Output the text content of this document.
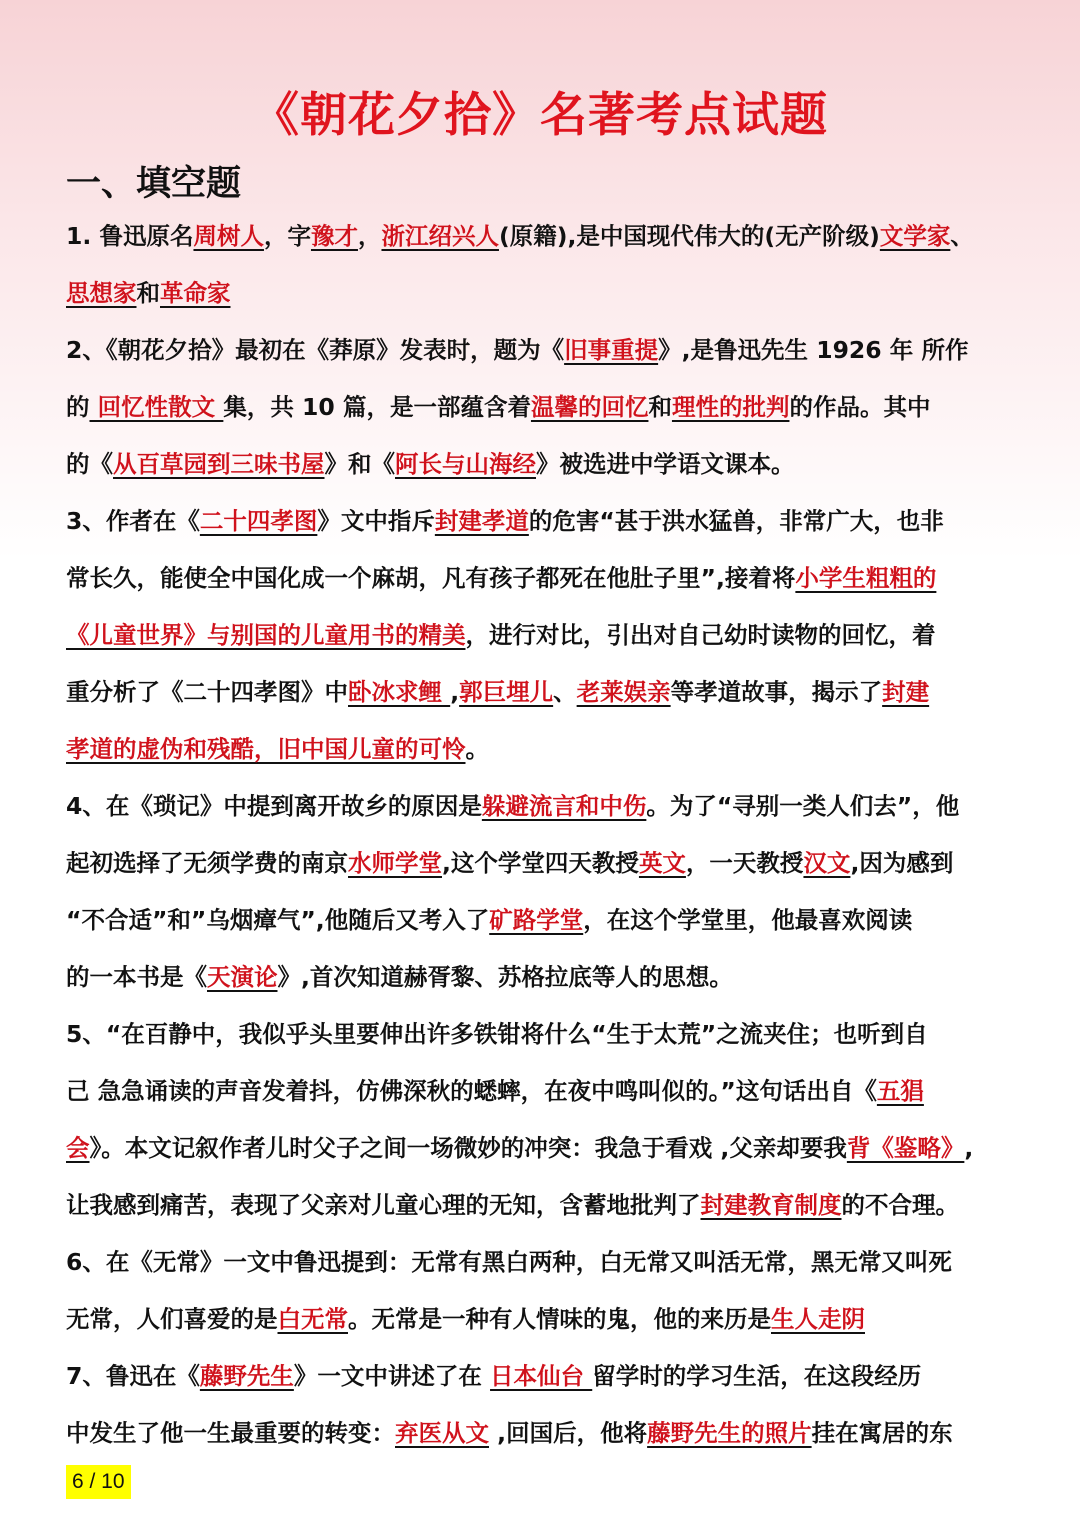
《朝花夕拾》名著考点试题
一、填空题
1. 鲁迅原名周树人，字豫才，浙江绍兴人(原籍),是中国现代伟大的(无产阶级)文学家、
思想家和革命家
2、《朝花夕拾》最初在《莽原》发表时，题为《旧事重提》,是鲁迅先生 1926 年 所作
的 回忆性散文 集，共 10 篇，是一部蕴含着温馨的回忆和理性的批判的作品。其中
的《从百草园到三味书屋》和《阿长与山海经》被选进中学语文课本。
3、作者在《二十四孝图》文中指斥封建孝道的危害“甚于洪水猛兽，非常广大，也非
常长久，能使全中国化成一个麻胡，凡有孩子都死在他肚子里”,接着将小学生粗粗的
《儿童世界》与别国的儿童用书的精美，进行对比，引出对自己幼时读物的回忆，着
重分析了《二十四孝图》中卧冰求鲤 ,郭巨埋儿、老莱娱亲等孝道故事，揭示了封建
孝道的虚伪和残酷，旧中国儿童的可怜。
4、在《琐记》中提到离开故乡的原因是躲避流言和中伤。为了“寻别一类人们去”，他
起初选择了无须学费的南京水师学堂,这个学堂四天教授英文，一天教授汉文,因为感到
“不合适”和”乌烟瘴气”,他随后又考入了矿路学堂，在这个学堂里，他最喜欢阅读
的一本书是《天演论》,首次知道赫胥黎、苏格拉底等人的思想。
5、“在百静中，我似乎头里要伸出许多铁钳将什么“生于太荒”之流夹住；也听到自
己 急急诵读的声音发着抖，仿佛深秋的蟋蟀，在夜中鸣叫似的。”这句话出自《五猖
会》。本文记叙作者儿时父子之间一场微妙的冲突：我急于看戏 ,父亲却要我背《鉴略》,
让我感到痛苦，表现了父亲对儿童心理的无知，含蓄地批判了封建教育制度的不合理。
6、在《无常》一文中鲁迅提到：无常有黑白两种，白无常又叫活无常，黑无常又叫死
无常，人们喜爱的是白无常。无常是一种有人情味的鬼，他的来历是生人走阴
7、鲁迅在《藤野先生》一文中讲述了在 日本仙台 留学时的学习生活，在这段经历
中发生了他一生最重要的转变：弃医从文 ,回国后，他将藤野先生的照片挂在寓居的东
6 / 10
